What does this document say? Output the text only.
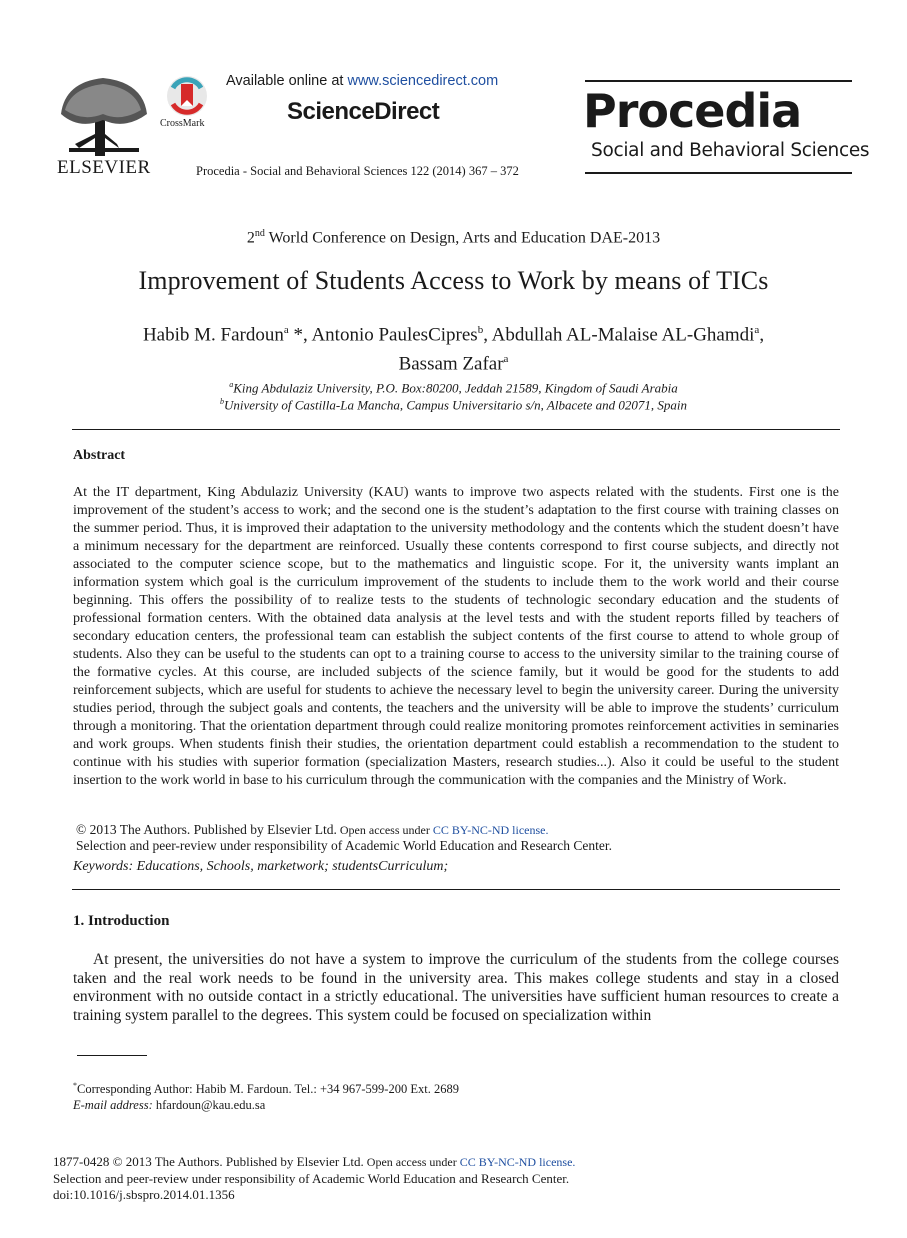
ELSEVIER
CrossMark
Available online at www.sciencedirect.com
ScienceDirect
Procedia - Social and Behavioral Sciences 122 (2014) 367 – 372
Procedia
Social and Behavioral Sciences
2nd World Conference on Design, Arts and Education DAE-2013
Improvement of Students Access to Work by means of TICs
Habib M. Fardoun$^a$ *, Antonio PaulesCipres$^b$, Abdullah AL-Malaise AL-Ghamdi$^a$,
Bassam Zafar$^a$
$^a$King Abdulaziz University, P.O. Box:80200, Jeddah 21589, Kingdom of Saudi Arabia
$^b$University of Castilla-La Mancha, Campus Universitario s/n, Albacete and 02071, Spain
Abstract
At the IT department, King Abdulaziz University (KAU) wants to improve two aspects related with the students. First one is the improvement of the student’s access to work; and the second one is the student’s adaptation to the first course with training classes on the summer period. Thus, it is improved their adaptation to the university methodology and the contents which the student doesn’t have a minimum necessary for the department are reinforced. Usually these contents correspond to first course subjects, and directly not associated to the computer science scope, but to the mathematics and linguistic scope. For it, the university wants implant an information system which goal is the curriculum improvement of the students to include them to the work world and their course beginning. This offers the possibility of to realize tests to the students of technologic secondary education and the students of professional formation centers. With the obtained data analysis at the level tests and with the student reports filled by teachers of secondary education centers, the professional team can establish the subject contents of the first course to attend to whole group of students. Also they can be useful to the students can opt to a training course to access to the university similar to the training course of the formative cycles. At this course, are included subjects of the science family, but it would be good for the students to add reinforcement subjects, which are useful for students to achieve the necessary level to begin the university career. During the university studies period, through the subject goals and contents, the teachers and the university will be able to improve the students’ curriculum through a monitoring. That the orientation department through could realize monitoring promotes reinforcement activities in seminaries and work groups. When students finish their studies, the orientation department could establish a recommendation to the student to continue with his studies with superior formation (specialization Masters, research studies...). Also it could be useful to the student insertion to the work world in base to his curriculum through the communication with the companies and the Ministry of Work.
© 2013 The Authors. Published by Elsevier Ltd. Open access under CC BY-NC-ND license.
Selection and peer-review under responsibility of Academic World Education and Research Center.
Keywords: Educations, Schools, marketwork; studentsCurriculum;
1. Introduction
At present, the universities do not have a system to improve the curriculum of the students from the college courses taken and the real work needs to be found in the university area. This makes college students and stay in a closed environment with no outside contact in a strictly educational. The universities have sufficient human resources to create a training system parallel to the degrees. This system could be focused on specialization within
*Corresponding Author: Habib M. Fardoun. Tel.: +34 967-599-200 Ext. 2689
E-mail address: hfardoun@kau.edu.sa
1877-0428 © 2013 The Authors. Published by Elsevier Ltd. Open access under CC BY-NC-ND license.
Selection and peer-review under responsibility of Academic World Education and Research Center.
doi:10.1016/j.sbspro.2014.01.1356
